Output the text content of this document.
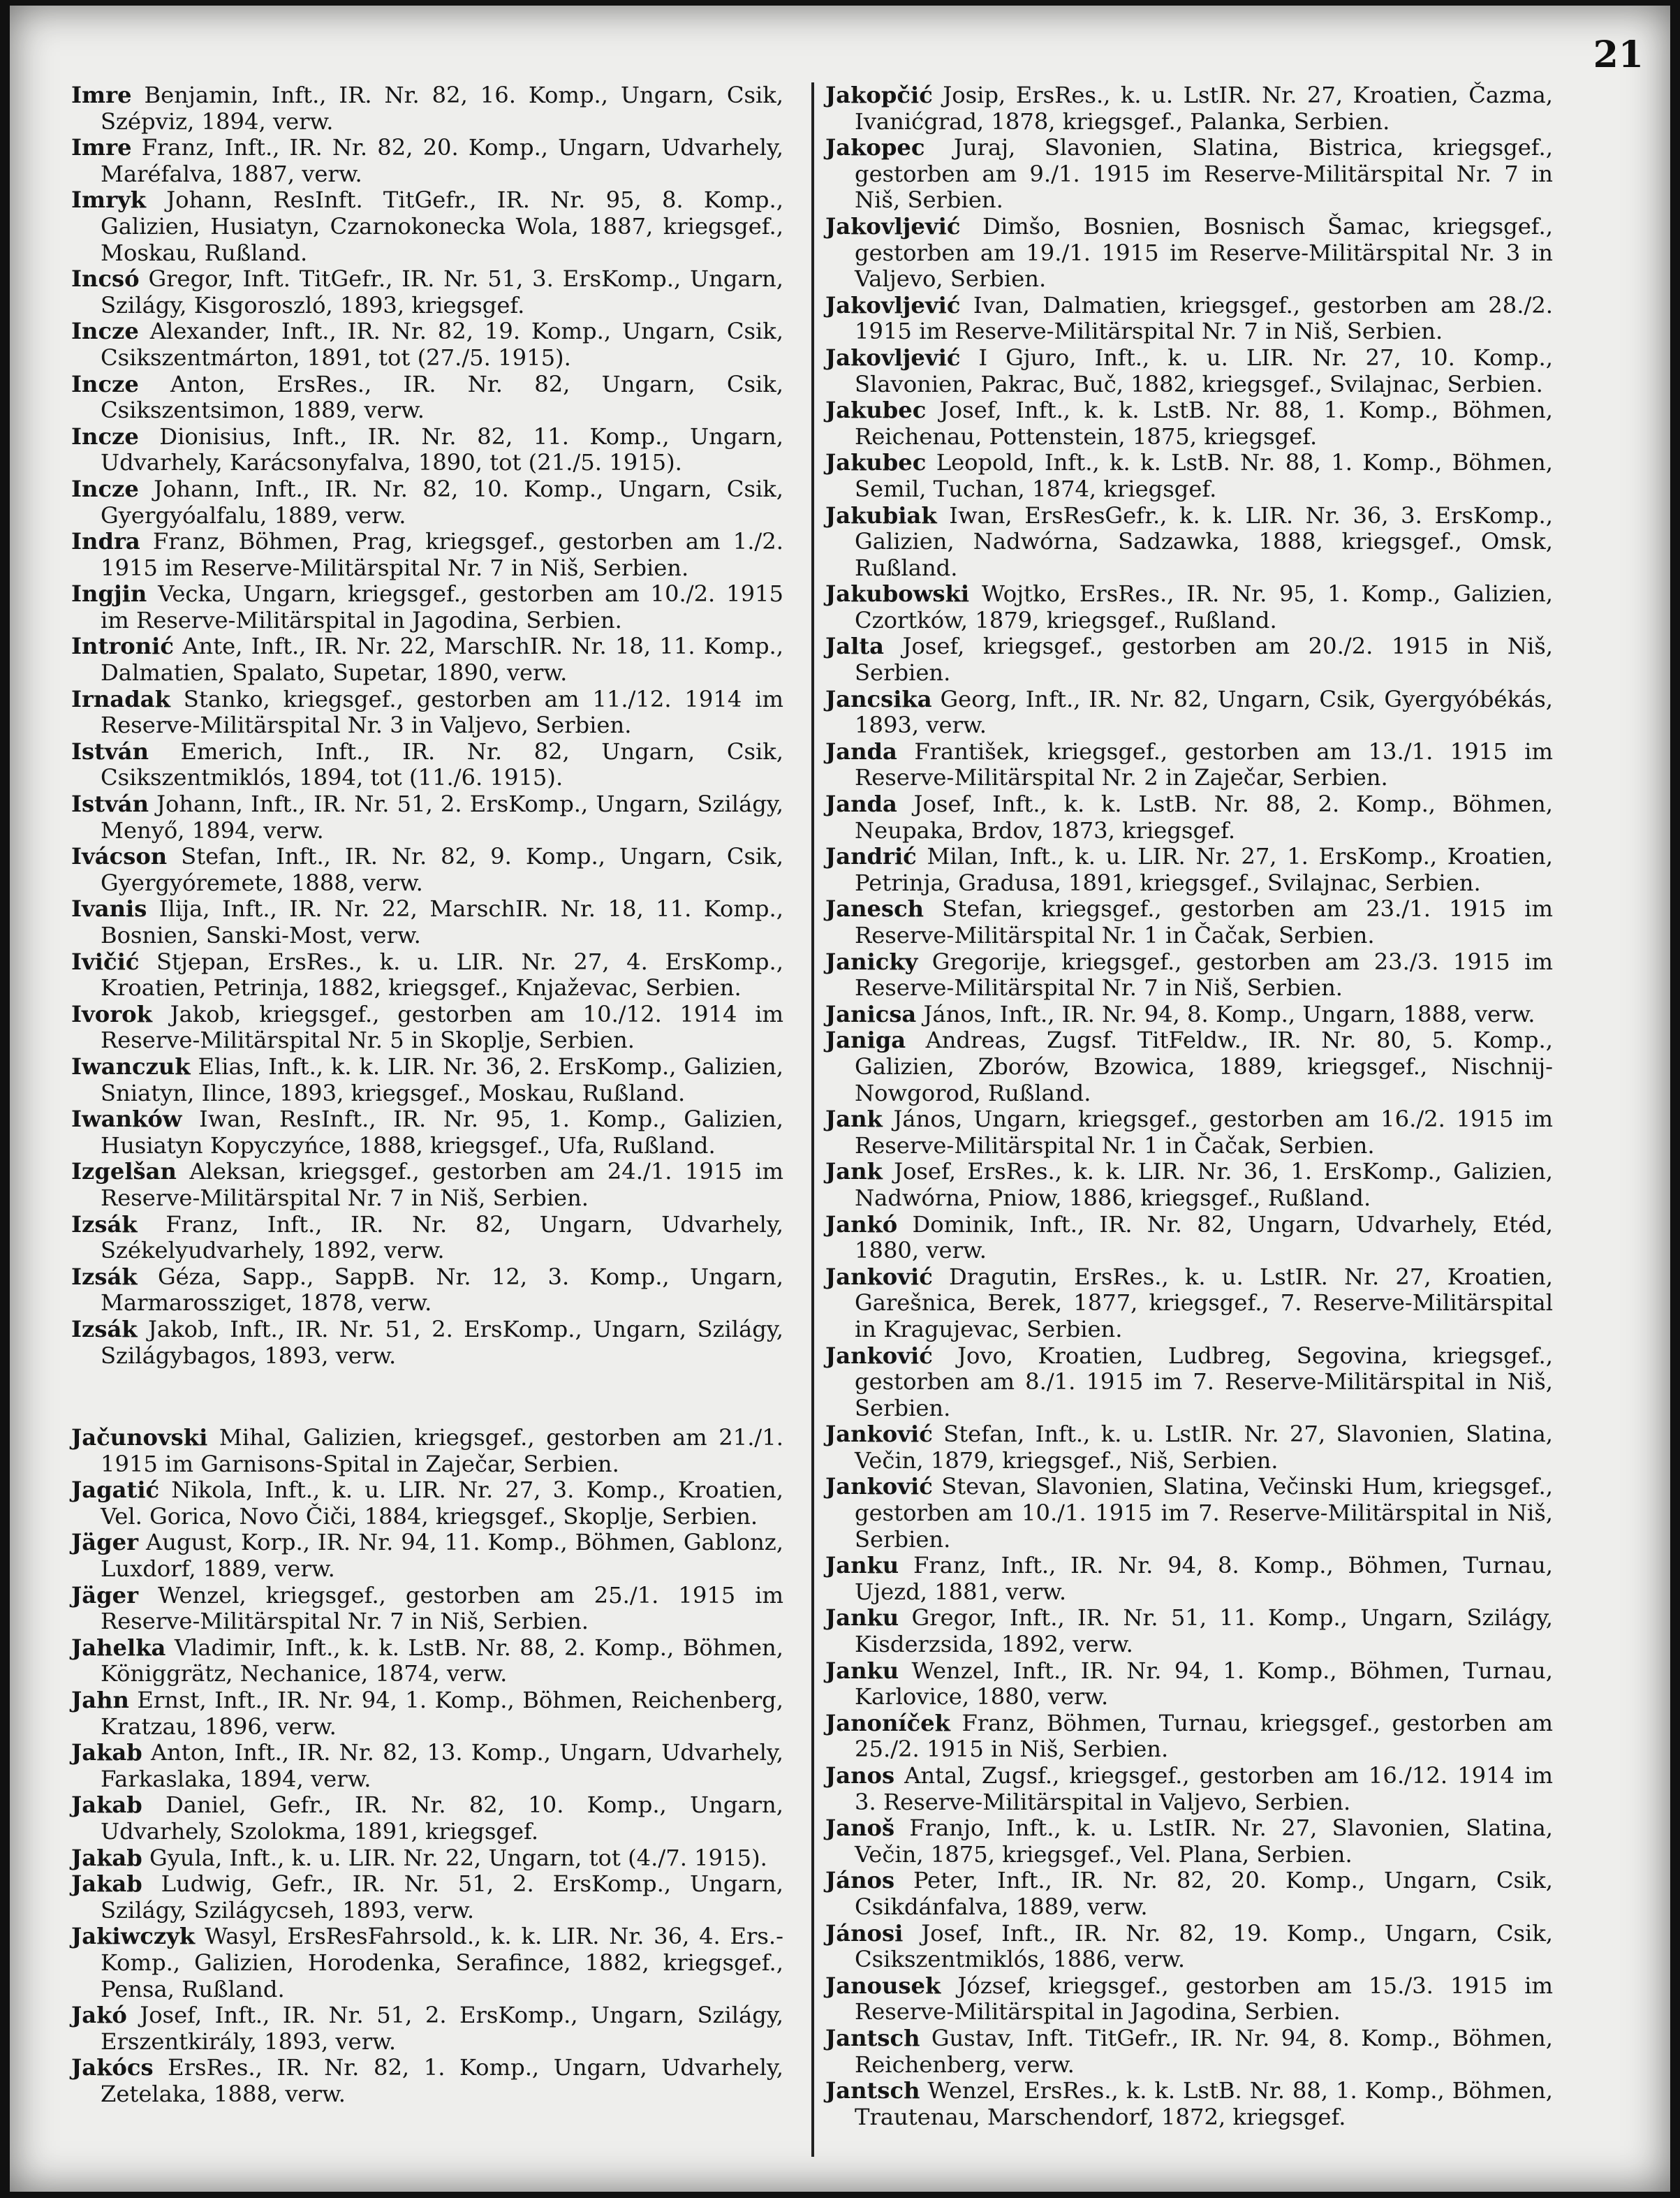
21

Imre Benjamin, Inft., IR. Nr. 82, 16. Komp., Ungarn, Csik, Szépviz, 1894, verw.

Imre Franz, Inft., IR. Nr. 82, 20. Komp., Ungarn, Udvarhely, Maréfalva, 1887, verw.

Imryk Johann, ResInft. TitGefr., IR. Nr. 95, 8. Komp., Galizien, Husiatyn, Czarnokonecka Wola, 1887, kriegsgef., Moskau, Rußland.

Incsó Gregor, Inft. TitGefr., IR. Nr. 51, 3. ErsKomp., Ungarn, Szilágy, Kisgoroszló, 1893, kriegsgef.

Incze Alexander, Inft., IR. Nr. 82, 19. Komp., Ungarn, Csik, Csikszentmárton, 1891, tot (27./5. 1915).

Incze Anton, ErsRes., IR. Nr. 82, Ungarn, Csik, Csikszentsimon, 1889, verw.

Incze Dionisius, Inft., IR. Nr. 82, 11. Komp., Ungarn, Udvarhely, Karácsonyfalva, 1890, tot (21./5. 1915).

Incze Johann, Inft., IR. Nr. 82, 10. Komp., Ungarn, Csik, Gyergyóalfalu, 1889, verw.

Indra Franz, Böhmen, Prag, kriegsgef., gestorben am 1./2. 1915 im Reserve-Militärspital Nr. 7 in Niš, Serbien.

Ingjin Vecka, Ungarn, kriegsgef., gestorben am 10./2. 1915 im Reserve-Militärspital in Jagodina, Serbien.

Intronić Ante, Inft., IR. Nr. 22, MarschIR. Nr. 18, 11. Komp., Dalmatien, Spalato, Supetar, 1890, verw.

Irnadak Stanko, kriegsgef., gestorben am 11./12. 1914 im Reserve-Militärspital Nr. 3 in Valjevo, Serbien.

István Emerich, Inft., IR. Nr. 82, Ungarn, Csik, Csikszentmiklós, 1894, tot (11./6. 1915).

István Johann, Inft., IR. Nr. 51, 2. ErsKomp., Ungarn, Szilágy, Menyő, 1894, verw.

Ivácson Stefan, Inft., IR. Nr. 82, 9. Komp., Ungarn, Csik, Gyergyóremete, 1888, verw.

Ivanis Ilija, Inft., IR. Nr. 22, MarschIR. Nr. 18, 11. Komp., Bosnien, Sanski-Most, verw.

Ivičić Stjepan, ErsRes., k. u. LIR. Nr. 27, 4. ErsKomp., Kroatien, Petrinja, 1882, kriegsgef., Knjaževac, Serbien.

Ivorok Jakob, kriegsgef., gestorben am 10./12. 1914 im Reserve-Militärspital Nr. 5 in Skoplje, Serbien.

Iwanczuk Elias, Inft., k. k. LIR. Nr. 36, 2. ErsKomp., Galizien, Sniatyn, Ilince, 1893, kriegsgef., Moskau, Rußland.

Iwanków Iwan, ResInft., IR. Nr. 95, 1. Komp., Galizien, Husiatyn Kopyczyńce, 1888, kriegsgef., Ufa, Rußland.

Izgelšan Aleksan, kriegsgef., gestorben am 24./1. 1915 im Reserve-Militärspital Nr. 7 in Niš, Serbien.

Izsák Franz, Inft., IR. Nr. 82, Ungarn, Udvarhely, Székelyudvarhely, 1892, verw.

Izsák Géza, Sapp., SappB. Nr. 12, 3. Komp., Ungarn, Marmarossziget, 1878, verw.

Izsák Jakob, Inft., IR. Nr. 51, 2. ErsKomp., Ungarn, Szilágy, Szilágybagos, 1893, verw.

Jačunovski Mihal, Galizien, kriegsgef., gestorben am 21./1. 1915 im Garnisons-Spital in Zaječar, Serbien.

Jagatić Nikola, Inft., k. u. LIR. Nr. 27, 3. Komp., Kroatien, Vel. Gorica, Novo Čiči, 1884, kriegsgef., Skoplje, Serbien.

Jäger August, Korp., IR. Nr. 94, 11. Komp., Böhmen, Gablonz, Luxdorf, 1889, verw.

Jäger Wenzel, kriegsgef., gestorben am 25./1. 1915 im Reserve-Militärspital Nr. 7 in Niš, Serbien.

Jahelka Vladimir, Inft., k. k. LstB. Nr. 88, 2. Komp., Böhmen, Königgrätz, Nechanice, 1874, verw.

Jahn Ernst, Inft., IR. Nr. 94, 1. Komp., Böhmen, Reichenberg, Kratzau, 1896, verw.

Jakab Anton, Inft., IR. Nr. 82, 13. Komp., Ungarn, Udvarhely, Farkaslaka, 1894, verw.

Jakab Daniel, Gefr., IR. Nr. 82, 10. Komp., Ungarn, Udvarhely, Szolokma, 1891, kriegsgef.

Jakab Gyula, Inft., k. u. LIR. Nr. 22, Ungarn, tot (4./7. 1915).

Jakab Ludwig, Gefr., IR. Nr. 51, 2. ErsKomp., Ungarn, Szilágy, Szilágycseh, 1893, verw.

Jakiwczyk Wasyl, ErsResFahrsold., k. k. LIR. Nr. 36, 4. Ers.-Komp., Galizien, Horodenka, Serafince, 1882, kriegsgef., Pensa, Rußland.

Jakó Josef, Inft., IR. Nr. 51, 2. ErsKomp., Ungarn, Szilágy, Erszentkirály, 1893, verw.

Jakócs ErsRes., IR. Nr. 82, 1. Komp., Ungarn, Udvarhely, Zetelaka, 1888, verw.

Jakopčić Josip, ErsRes., k. u. LstIR. Nr. 27, Kroatien, Čazma, Ivanićgrad, 1878, kriegsgef., Palanka, Serbien.

Jakopec Juraj, Slavonien, Slatina, Bistrica, kriegsgef., gestorben am 9./1. 1915 im Reserve-Militärspital Nr. 7 in Niš, Serbien.

Jakovljević Dimšo, Bosnien, Bosnisch Šamac, kriegsgef., gestorben am 19./1. 1915 im Reserve-Militärspital Nr. 3 in Valjevo, Serbien.

Jakovljević Ivan, Dalmatien, kriegsgef., gestorben am 28./2. 1915 im Reserve-Militärspital Nr. 7 in Niš, Serbien.

Jakovljević I Gjuro, Inft., k. u. LIR. Nr. 27, 10. Komp., Slavonien, Pakrac, Buč, 1882, kriegsgef., Svilajnac, Serbien.

Jakubec Josef, Inft., k. k. LstB. Nr. 88, 1. Komp., Böhmen, Reichenau, Pottenstein, 1875, kriegsgef.

Jakubec Leopold, Inft., k. k. LstB. Nr. 88, 1. Komp., Böhmen, Semil, Tuchan, 1874, kriegsgef.

Jakubiak Iwan, ErsResGefr., k. k. LIR. Nr. 36, 3. ErsKomp., Galizien, Nadwórna, Sadzawka, 1888, kriegsgef., Omsk, Rußland.

Jakubowski Wojtko, ErsRes., IR. Nr. 95, 1. Komp., Galizien, Czortków, 1879, kriegsgef., Rußland.

Jalta Josef, kriegsgef., gestorben am 20./2. 1915 in Niš, Serbien.

Jancsika Georg, Inft., IR. Nr. 82, Ungarn, Csik, Gyergyóbékás, 1893, verw.

Janda František, kriegsgef., gestorben am 13./1. 1915 im Reserve-Militärspital Nr. 2 in Zaječar, Serbien.

Janda Josef, Inft., k. k. LstB. Nr. 88, 2. Komp., Böhmen, Neupaka, Brdov, 1873, kriegsgef.

Jandrić Milan, Inft., k. u. LIR. Nr. 27, 1. ErsKomp., Kroatien, Petrinja, Gradusa, 1891, kriegsgef., Svilajnac, Serbien.

Janesch Stefan, kriegsgef., gestorben am 23./1. 1915 im Reserve-Militärspital Nr. 1 in Čačak, Serbien.

Janicky Gregorije, kriegsgef., gestorben am 23./3. 1915 im Reserve-Militärspital Nr. 7 in Niš, Serbien.

Janicsa János, Inft., IR. Nr. 94, 8. Komp., Ungarn, 1888, verw.

Janiga Andreas, Zugsf. TitFeldw., IR. Nr. 80, 5. Komp., Galizien, Zborów, Bzowica, 1889, kriegsgef., Nischnij-Nowgorod, Rußland.

Jank János, Ungarn, kriegsgef., gestorben am 16./2. 1915 im Reserve-Militärspital Nr. 1 in Čačak, Serbien.

Jank Josef, ErsRes., k. k. LIR. Nr. 36, 1. ErsKomp., Galizien, Nadwórna, Pniow, 1886, kriegsgef., Rußland.

Jankó Dominik, Inft., IR. Nr. 82, Ungarn, Udvarhely, Etéd, 1880, verw.

Janković Dragutin, ErsRes., k. u. LstIR. Nr. 27, Kroatien, Garešnica, Berek, 1877, kriegsgef., 7. Reserve-Militärspital in Kragujevac, Serbien.

Janković Jovo, Kroatien, Ludbreg, Segovina, kriegsgef., gestorben am 8./1. 1915 im 7. Reserve-Militärspital in Niš, Serbien.

Janković Stefan, Inft., k. u. LstIR. Nr. 27, Slavonien, Slatina, Večin, 1879, kriegsgef., Niš, Serbien.

Janković Stevan, Slavonien, Slatina, Večinski Hum, kriegsgef., gestorben am 10./1. 1915 im 7. Reserve-Militärspital in Niš, Serbien.

Janku Franz, Inft., IR. Nr. 94, 8. Komp., Böhmen, Turnau, Ujezd, 1881, verw.

Janku Gregor, Inft., IR. Nr. 51, 11. Komp., Ungarn, Szilágy, Kisderzsida, 1892, verw.

Janku Wenzel, Inft., IR. Nr. 94, 1. Komp., Böhmen, Turnau, Karlovice, 1880, verw.

Janoníček Franz, Böhmen, Turnau, kriegsgef., gestorben am 25./2. 1915 in Niš, Serbien.

Janos Antal, Zugsf., kriegsgef., gestorben am 16./12. 1914 im 3. Reserve-Militärspital in Valjevo, Serbien.

Janoš Franjo, Inft., k. u. LstIR. Nr. 27, Slavonien, Slatina, Večin, 1875, kriegsgef., Vel. Plana, Serbien.

János Peter, Inft., IR. Nr. 82, 20. Komp., Ungarn, Csik, Csikdánfalva, 1889, verw.

Jánosi Josef, Inft., IR. Nr. 82, 19. Komp., Ungarn, Csik, Csikszentmiklós, 1886, verw.

Janousek József, kriegsgef., gestorben am 15./3. 1915 im Reserve-Militärspital in Jagodina, Serbien.

Jantsch Gustav, Inft. TitGefr., IR. Nr. 94, 8. Komp., Böhmen, Reichenberg, verw.

Jantsch Wenzel, ErsRes., k. k. LstB. Nr. 88, 1. Komp., Böhmen, Trautenau, Marschendorf, 1872, kriegsgef.
